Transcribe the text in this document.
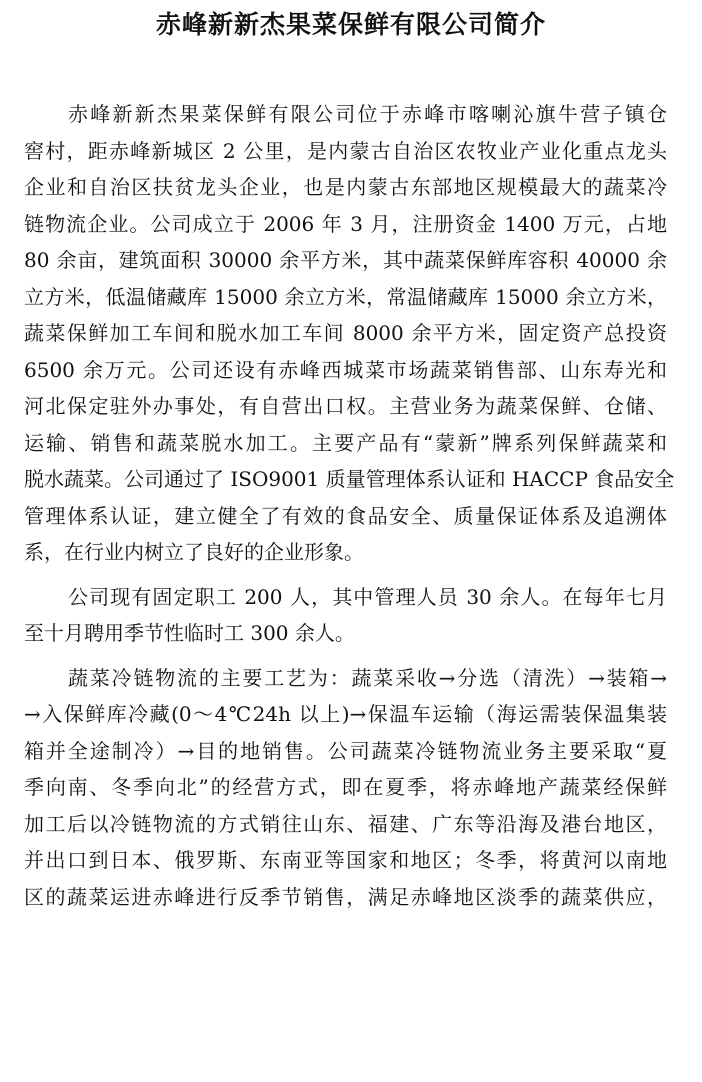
赤峰新新杰果菜保鲜有限公司简介
赤峰新新杰果菜保鲜有限公司位于赤峰市喀喇沁旗牛营子镇仓
窖村，距赤峰新城区 2 公里，是内蒙古自治区农牧业产业化重点龙头
企业和自治区扶贫龙头企业，也是内蒙古东部地区规模最大的蔬菜冷
链物流企业。公司成立于 2006 年 3 月，注册资金 1400 万元，占地
80 余亩，建筑面积 30000 余平方米，其中蔬菜保鲜库容积 40000 余
立方米，低温储藏库 15000 余立方米，常温储藏库 15000 余立方米，
蔬菜保鲜加工车间和脱水加工车间 8000 余平方米，固定资产总投资
6500 余万元。公司还设有赤峰西城菜市场蔬菜销售部、山东寿光和
河北保定驻外办事处，有自营出口权。主营业务为蔬菜保鲜、仓储、
运输、销售和蔬菜脱水加工。主要产品有“蒙新”牌系列保鲜蔬菜和
脱水蔬菜。公司通过了 ISO9001 质量管理体系认证和 HACCP 食品安全
管理体系认证，建立健全了有效的食品安全、质量保证体系及追溯体
系，在行业内树立了良好的企业形象。
公司现有固定职工 200 人，其中管理人员 30 余人。在每年七月
至十月聘用季节性临时工 300 余人。
蔬菜冷链物流的主要工艺为：蔬菜采收→分选（清洗）→装箱→
→入保鲜库冷藏(0～4℃24h 以上)→保温车运输（海运需装保温集装
箱并全途制冷）→目的地销售。公司蔬菜冷链物流业务主要采取“夏
季向南、冬季向北”的经营方式，即在夏季，将赤峰地产蔬菜经保鲜
加工后以冷链物流的方式销往山东、福建、广东等沿海及港台地区，
并出口到日本、俄罗斯、东南亚等国家和地区；冬季，将黄河以南地
区的蔬菜运进赤峰进行反季节销售，满足赤峰地区淡季的蔬菜供应，
